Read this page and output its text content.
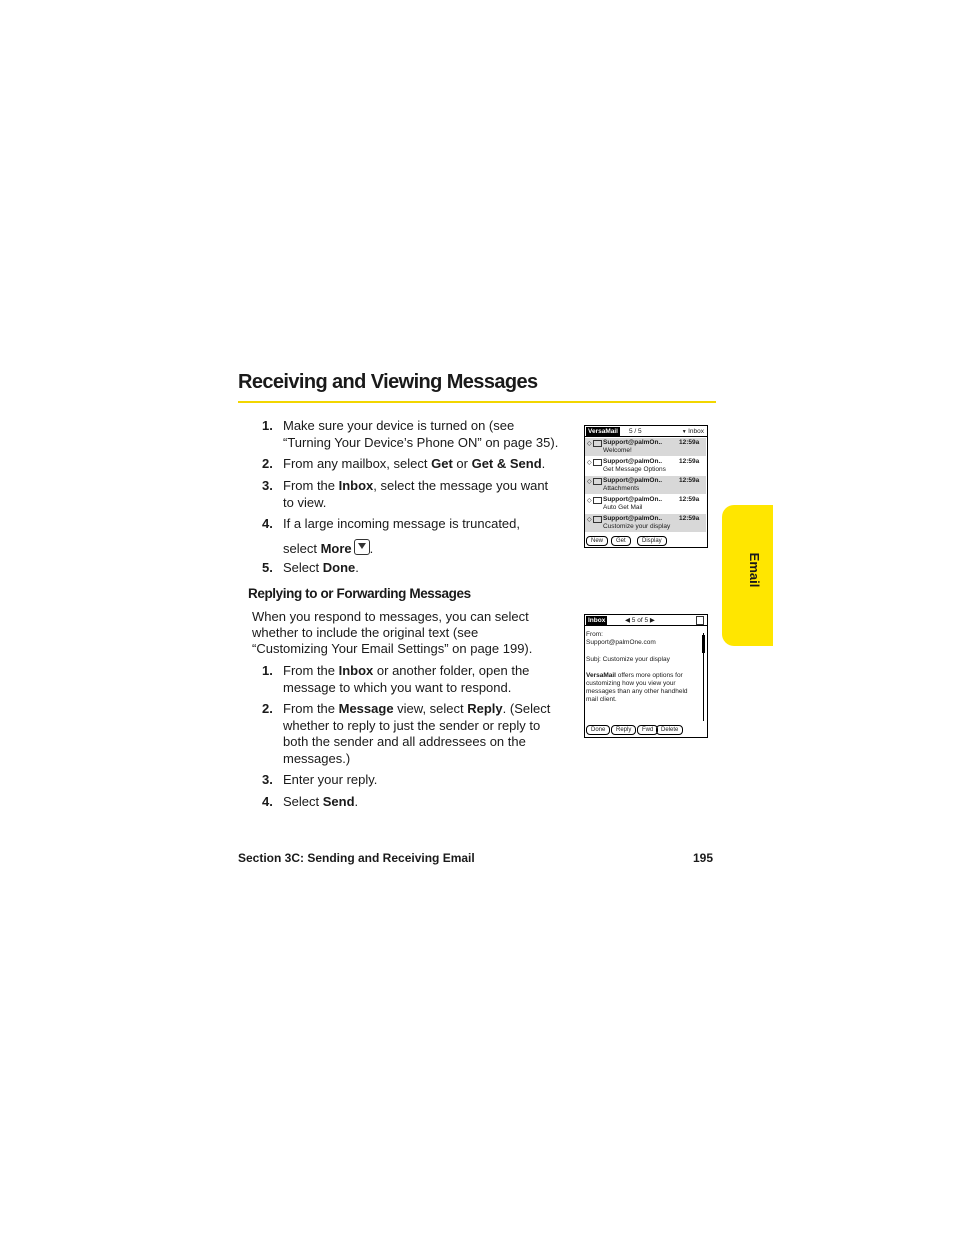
Receiving and Viewing Messages
1. Make sure your device is turned on (see “Turning Your Device’s Phone ON” on page 35).
2. From any mailbox, select Get or Get & Send.
3. From the Inbox, select the message you want to view.
4. If a large incoming message is truncated,
5. Select Done.
select More .
Replying to or Forwarding Messages

When you respond to messages, you can select whether to include the original text (see “Customizing Your Email Settings” on page 199).

1. From the Inbox or another folder, open the message to which you want to respond.
2. From the Message view, select Reply. (Select whether to reply to just the sender or reply to both the sender and all addressees on the messages.)
3. Enter your reply.
4. Select Send.

Section 3C: Sending and Receiving Email	195

Email
VersaMail	5 / 5
▼	Inbox
◇ Support@palmOn..	12:59a
Welcome!
◇ Support@palmOn..	12:59a
Get Message Options
◇ Support@palmOn..	12:59a
Attachments
◇ Support@palmOn..	12:59a
Auto Get Mail
◇ Support@palmOn..	12:59a
Customize your display
New	Get	Display
Inbox	◀ 5 of 5 ▶
From:
Support@palmOne.com
Subj: Customize your display
VersaMail offers more options for
customizing how you view your
messages than any other handheld
mail client.
Done	Reply	Fwd	Delete
